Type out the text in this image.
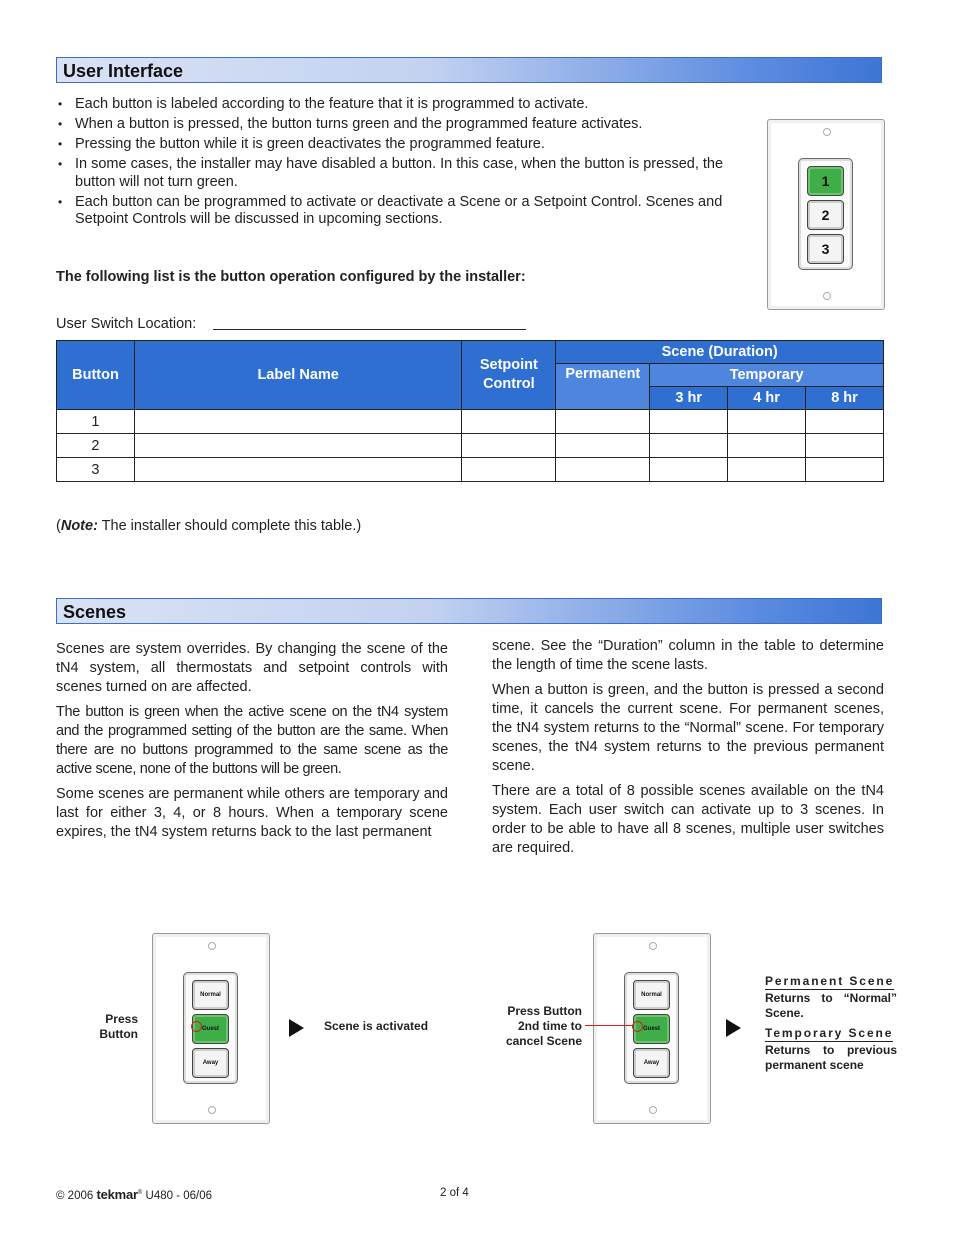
User Interface
• Each button is labeled according to the feature that it is programmed to activate.
• When a button is pressed, the button turns green and the programmed feature activates.
• Pressing the button while it is green deactivates the programmed feature.
• In some cases, the installer may have disabled a button. In this case, when the button is pressed, the button will not turn green.
• Each button can be programmed to activate or deactivate a Scene or a Setpoint Control. Scenes and Setpoint Controls will be discussed in upcoming sections.
1
2
3
The following list is the button operation configured by the installer:
User Switch Location:
Button	Label Name	Setpoint Control	Scene (Duration)			
			Permanent	Temporary		
				3 hr	4 hr	8 hr
1						
2						
3						
(Note: The installer should complete this table.)
Scenes

Scenes are system overrides. By changing the scene of the tN4 system, all thermostats and setpoint controls with scenes turned on are affected.

The button is green when the active scene on the tN4 system and the programmed setting of the button are the same. When there are no buttons programmed to the same scene as the active scene, none of the buttons will be green.

Some scenes are permanent while others are temporary and last for either 3, 4, or 8 hours. When a temporary scene expires, the tN4 system returns back to the last permanent

scene. See the “Duration” column in the table to determine the length of time the scene lasts.

When a button is green, and the button is pressed a second time, it cancels the current scene. For permanent scenes, the tN4 system returns to the “Normal” scene. For temporary scenes, the tN4 system returns to the previous permanent scene.

There are a total of 8 possible scenes available on the tN4 system. Each user switch can activate up to 3 scenes. In order to be able to have all 8 scenes, multiple user switches are required.

Normal
Guest
Away
Press Button
Scene is activated
Normal
Guest
Away
Press Button 2nd time to cancel Scene
Permanent Scene
Returns to “Normal” Scene.
Temporary Scene
Returns to previous permanent scene
© 2006 tekmar® U480 - 06/06	2 of 4
